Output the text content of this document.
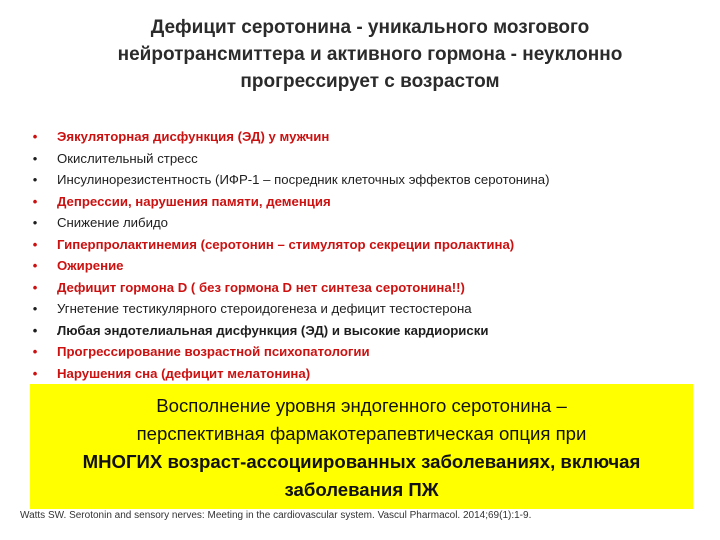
Дефицит серотонина - уникального мозгового
нейротрансмиттера и активного гормона - неуклонно
прогрессирует с возрастом
• Эякуляторная дисфункция (ЭД) у мужчин
• Окислительный стресс
• Инсулинорезистентность (ИФР-1 – посредник клеточных эффектов серотонина)
• Депрессии, нарушения памяти, деменция
• Снижение либидо
• Гиперпролактинемия (серотонин – стимулятор секреции пролактина)
• Ожирение
• Дефицит гормона D ( без гормона D нет синтеза серотонина!!)
• Угнетение тестикулярного стероидогенеза и дефицит тестостерона
• Любая эндотелиальная дисфункция (ЭД) и высокие кардиориски
• Прогрессирование возрастной психопатологии
• Нарушения сна (дефицит мелатонина)
Восполнение уровня эндогенного серотонина –
перспективная фармакотерапевтическая опция при
МНОГИХ возраст-ассоциированных заболеваниях, включая
заболевания ПЖ
Watts SW. Serotonin and sensory nerves: Meeting in the cardiovascular system. Vascul Pharmacol. 2014;69(1):1-9.
